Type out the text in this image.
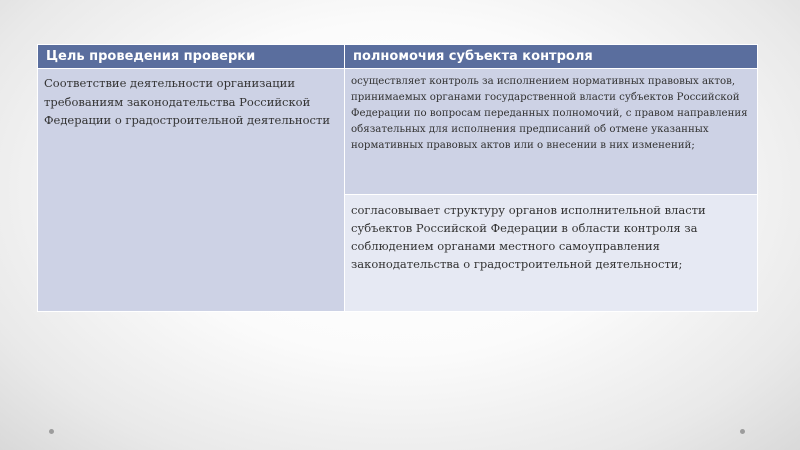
Цель проведения проверки	полномочия субъекта контроля
Соответствие деятельности организации требованиям законодательства Российской Федерации о градостроительной деятельности	осуществляет контроль за исполнением нормативных правовых актов, принимаемых органами государственной власти субъектов Российской Федерации по вопросам переданных полномочий, с правом направления обязательных для исполнения предписаний об отмене указанных нормативных правовых актов или о внесении в них изменений;
	согласовывает структуру органов исполнительной власти субъектов Российской Федерации в области контроля за соблюдением органами местного самоуправления законодательства о градостроительной деятельности;
